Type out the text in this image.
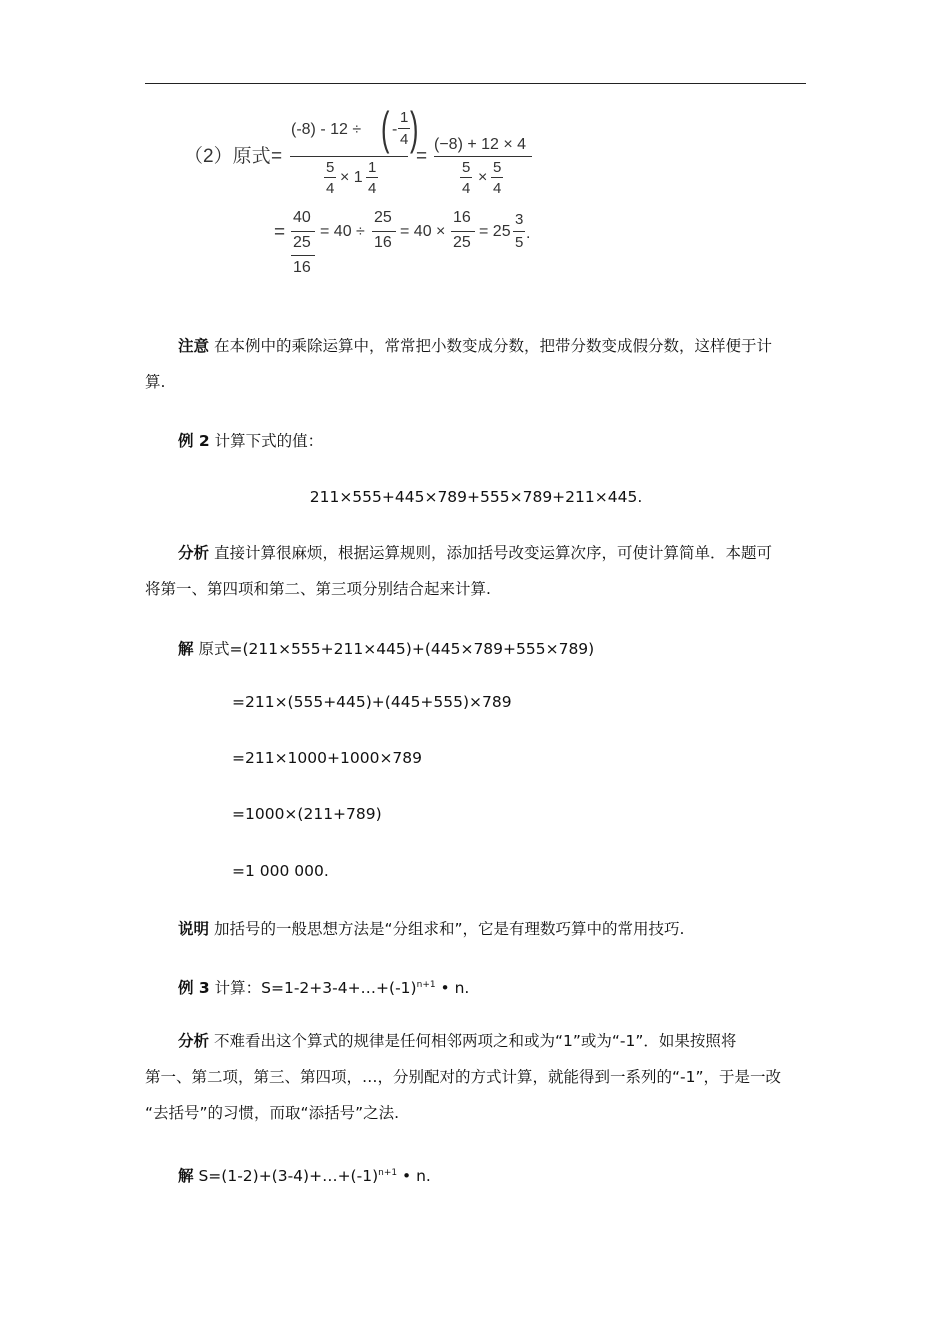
（2）原式 =
(-8) - 12 ÷ ( -
1
4 )
5
4
× 1
1
4
=
(−8) + 12 × 4
5
4
×
5
4
=
40
25
16
= 40 ÷
25
16
= 40 ×
16
25
= 25
3
5
.
注意 在本例中的乘除运算中，常常把小数变成分数，把带分数变成假分数，这样便于计
算.
例 2 计算下式的值：
211×555+445×789+555×789+211×445.
分析 直接计算很麻烦，根据运算规则，添加括号改变运算次序，可使计算简单．本题可
将第一、第四项和第二、第三项分别结合起来计算.
解 原式=(211×555+211×445)+(445×789+555×789)
=211×(555+445)+(445+555)×789
=211×1000+1000×789
=1000×(211+789)
=1 000 000.
说明 加括号的一般思想方法是“分组求和”，它是有理数巧算中的常用技巧.
例 3 计算：$S=1-2+3-4+\dots+(-1)^{n+1}$ • n.
分析 不难看出这个算式的规律是任何相邻两项之和或为“1”或为“-1”．如果按照将
第一、第二项，第三、第四项，…，分别配对的方式计算，就能得到一系列的“-1”，于是一改
“去括号”的习惯，而取“添括号”之法.
解 $S=(1-2)+(3-4)+\dots+(-1)^{n+1}$ • n.
